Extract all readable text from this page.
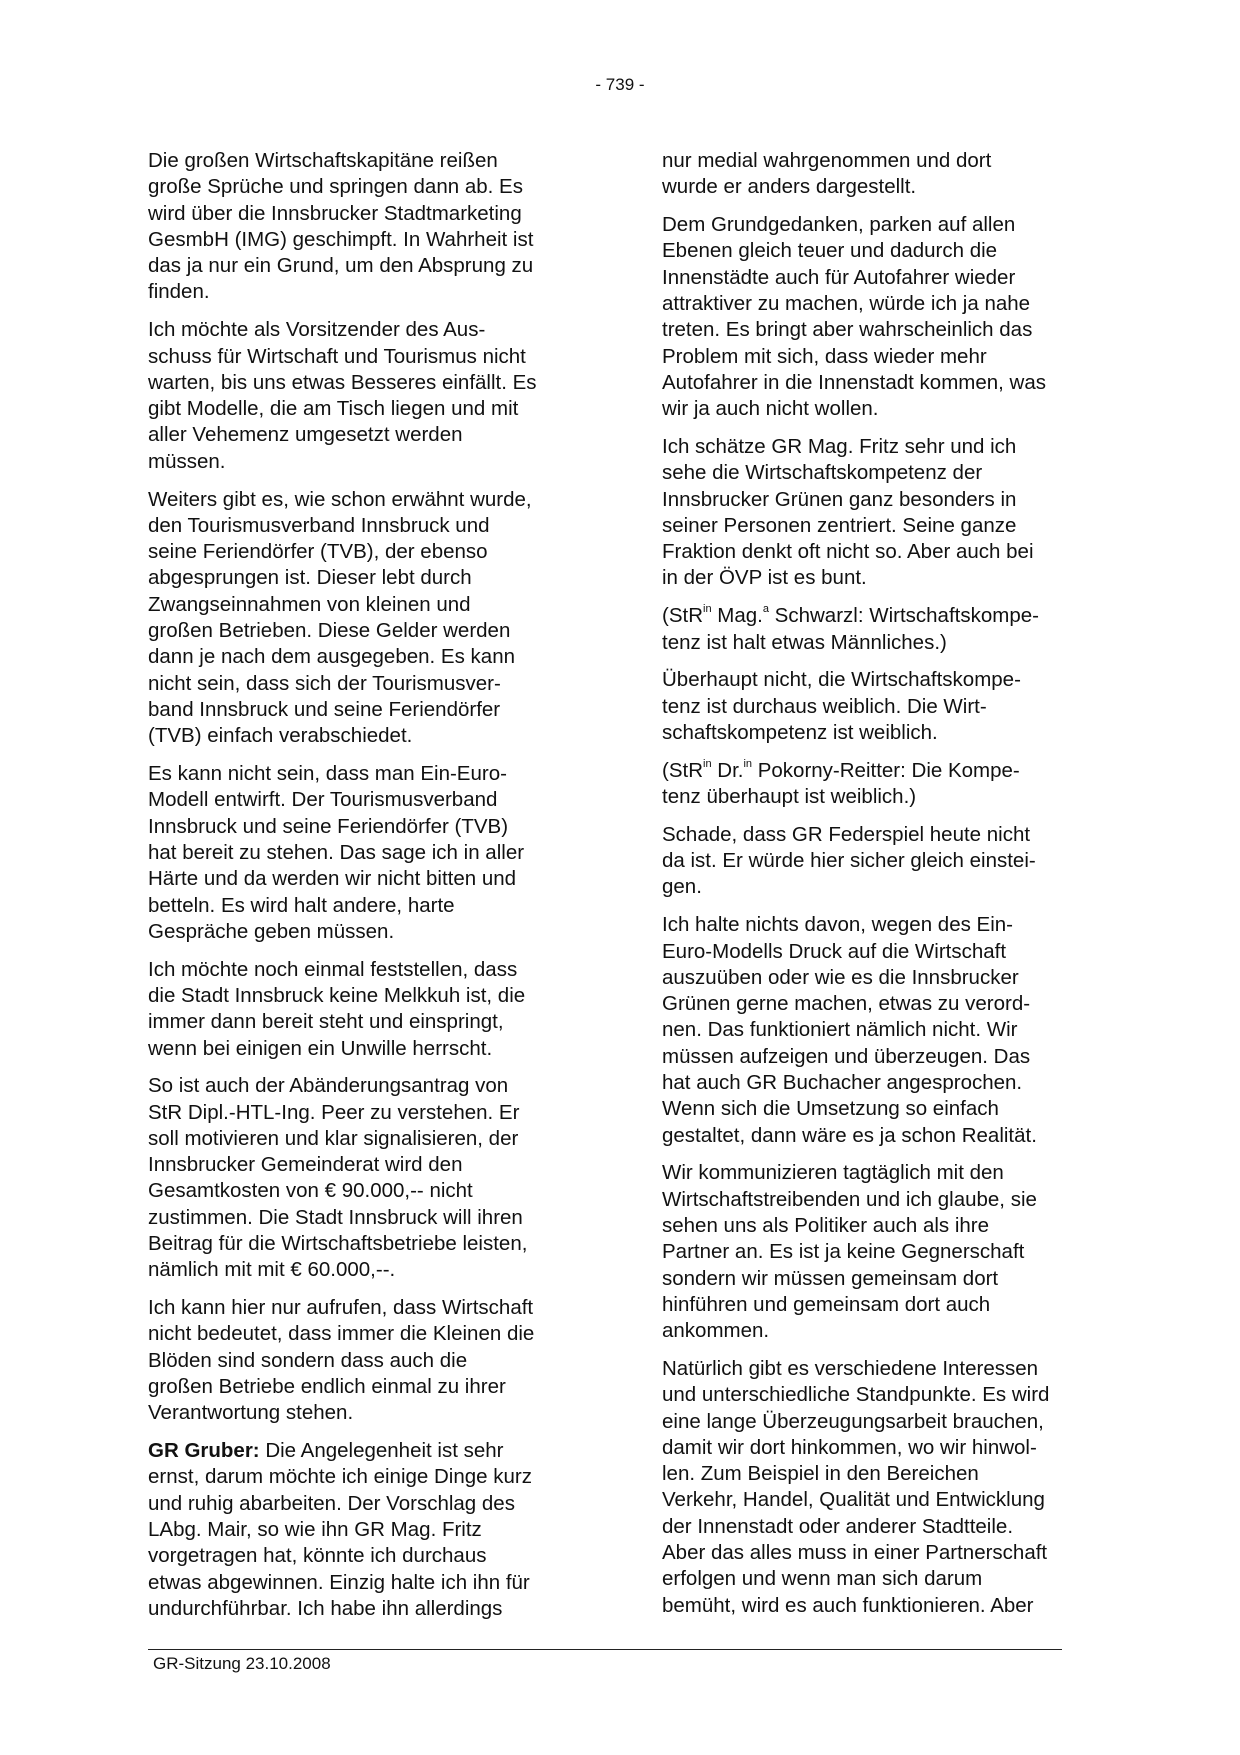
- 739 -

Die großen Wirtschaftskapitäne reißen
große Sprüche und springen dann ab. Es
wird über die Innsbrucker Stadtmarketing
GesmbH (IMG) geschimpft. In Wahrheit ist
das ja nur ein Grund, um den Absprung zu
finden.

Ich möchte als Vorsitzender des Aus-
schuss für Wirtschaft und Tourismus nicht
warten, bis uns etwas Besseres einfällt. Es
gibt Modelle, die am Tisch liegen und mit
aller Vehemenz umgesetzt werden
müssen.

Weiters gibt es, wie schon erwähnt wurde,
den Tourismusverband Innsbruck und
seine Feriendörfer (TVB), der ebenso
abgesprungen ist. Dieser lebt durch
Zwangseinnahmen von kleinen und
großen Betrieben. Diese Gelder werden
dann je nach dem ausgegeben. Es kann
nicht sein, dass sich der Tourismusver-
band Innsbruck und seine Feriendörfer
(TVB) einfach verabschiedet.

Es kann nicht sein, dass man Ein-Euro-
Modell entwirft. Der Tourismusverband
Innsbruck und seine Feriendörfer (TVB)
hat bereit zu stehen. Das sage ich in aller
Härte und da werden wir nicht bitten und
betteln. Es wird halt andere, harte
Gespräche geben müssen.

Ich möchte noch einmal feststellen, dass
die Stadt Innsbruck keine Melkkuh ist, die
immer dann bereit steht und einspringt,
wenn bei einigen ein Unwille herrscht.

So ist auch der Abänderungsantrag von
StR Dipl.-HTL-Ing. Peer zu verstehen. Er
soll motivieren und klar signalisieren, der
Innsbrucker Gemeinderat wird den
Gesamtkosten von € 90.000,-- nicht
zustimmen. Die Stadt Innsbruck will ihren
Beitrag für die Wirtschaftsbetriebe leisten,
nämlich mit mit € 60.000,--.

Ich kann hier nur aufrufen, dass Wirtschaft
nicht bedeutet, dass immer die Kleinen die
Blöden sind sondern dass auch die
großen Betriebe endlich einmal zu ihrer
Verantwortung stehen.

GR Gruber: Die Angelegenheit ist sehr
ernst, darum möchte ich einige Dinge kurz
und ruhig abarbeiten. Der Vorschlag des
LAbg. Mair, so wie ihn GR Mag. Fritz
vorgetragen hat, könnte ich durchaus
etwas abgewinnen. Einzig halte ich ihn für
undurchführbar. Ich habe ihn allerdings

nur medial wahrgenommen und dort
wurde er anders dargestellt.

Dem Grundgedanken, parken auf allen
Ebenen gleich teuer und dadurch die
Innenstädte auch für Autofahrer wieder
attraktiver zu machen, würde ich ja nahe
treten. Es bringt aber wahrscheinlich das
Problem mit sich, dass wieder mehr
Autofahrer in die Innenstadt kommen, was
wir ja auch nicht wollen.

Ich schätze GR Mag. Fritz sehr und ich
sehe die Wirtschaftskompetenz der
Innsbrucker Grünen ganz besonders in
seiner Personen zentriert. Seine ganze
Fraktion denkt oft nicht so. Aber auch bei
in der ÖVP ist es bunt.

(StR$^{in}$ Mag.$^a$ Schwarzl: Wirtschaftskompe-
tenz ist halt etwas Männliches.)

Überhaupt nicht, die Wirtschaftskompe-
tenz ist durchaus weiblich. Die Wirt-
schaftskompetenz ist weiblich.

(StR$^{in}$ Dr.$^{in}$ Pokorny-Reitter: Die Kompe-
tenz überhaupt ist weiblich.)

Schade, dass GR Federspiel heute nicht
da ist. Er würde hier sicher gleich einstei-
gen.

Ich halte nichts davon, wegen des Ein-
Euro-Modells Druck auf die Wirtschaft
auszuüben oder wie es die Innsbrucker
Grünen gerne machen, etwas zu verord-
nen. Das funktioniert nämlich nicht. Wir
müssen aufzeigen und überzeugen. Das
hat auch GR Buchacher angesprochen.
Wenn sich die Umsetzung so einfach
gestaltet, dann wäre es ja schon Realität.

Wir kommunizieren tagtäglich mit den
Wirtschaftstreibenden und ich glaube, sie
sehen uns als Politiker auch als ihre
Partner an. Es ist ja keine Gegnerschaft
sondern wir müssen gemeinsam dort
hinführen und gemeinsam dort auch
ankommen.

Natürlich gibt es verschiedene Interessen
und unterschiedliche Standpunkte. Es wird
eine lange Überzeugungsarbeit brauchen,
damit wir dort hinkommen, wo wir hinwol-
len. Zum Beispiel in den Bereichen
Verkehr, Handel, Qualität und Entwicklung
der Innenstadt oder anderer Stadtteile.
Aber das alles muss in einer Partnerschaft
erfolgen und wenn man sich darum
bemüht, wird es auch funktionieren. Aber

GR-Sitzung 23.10.2008
